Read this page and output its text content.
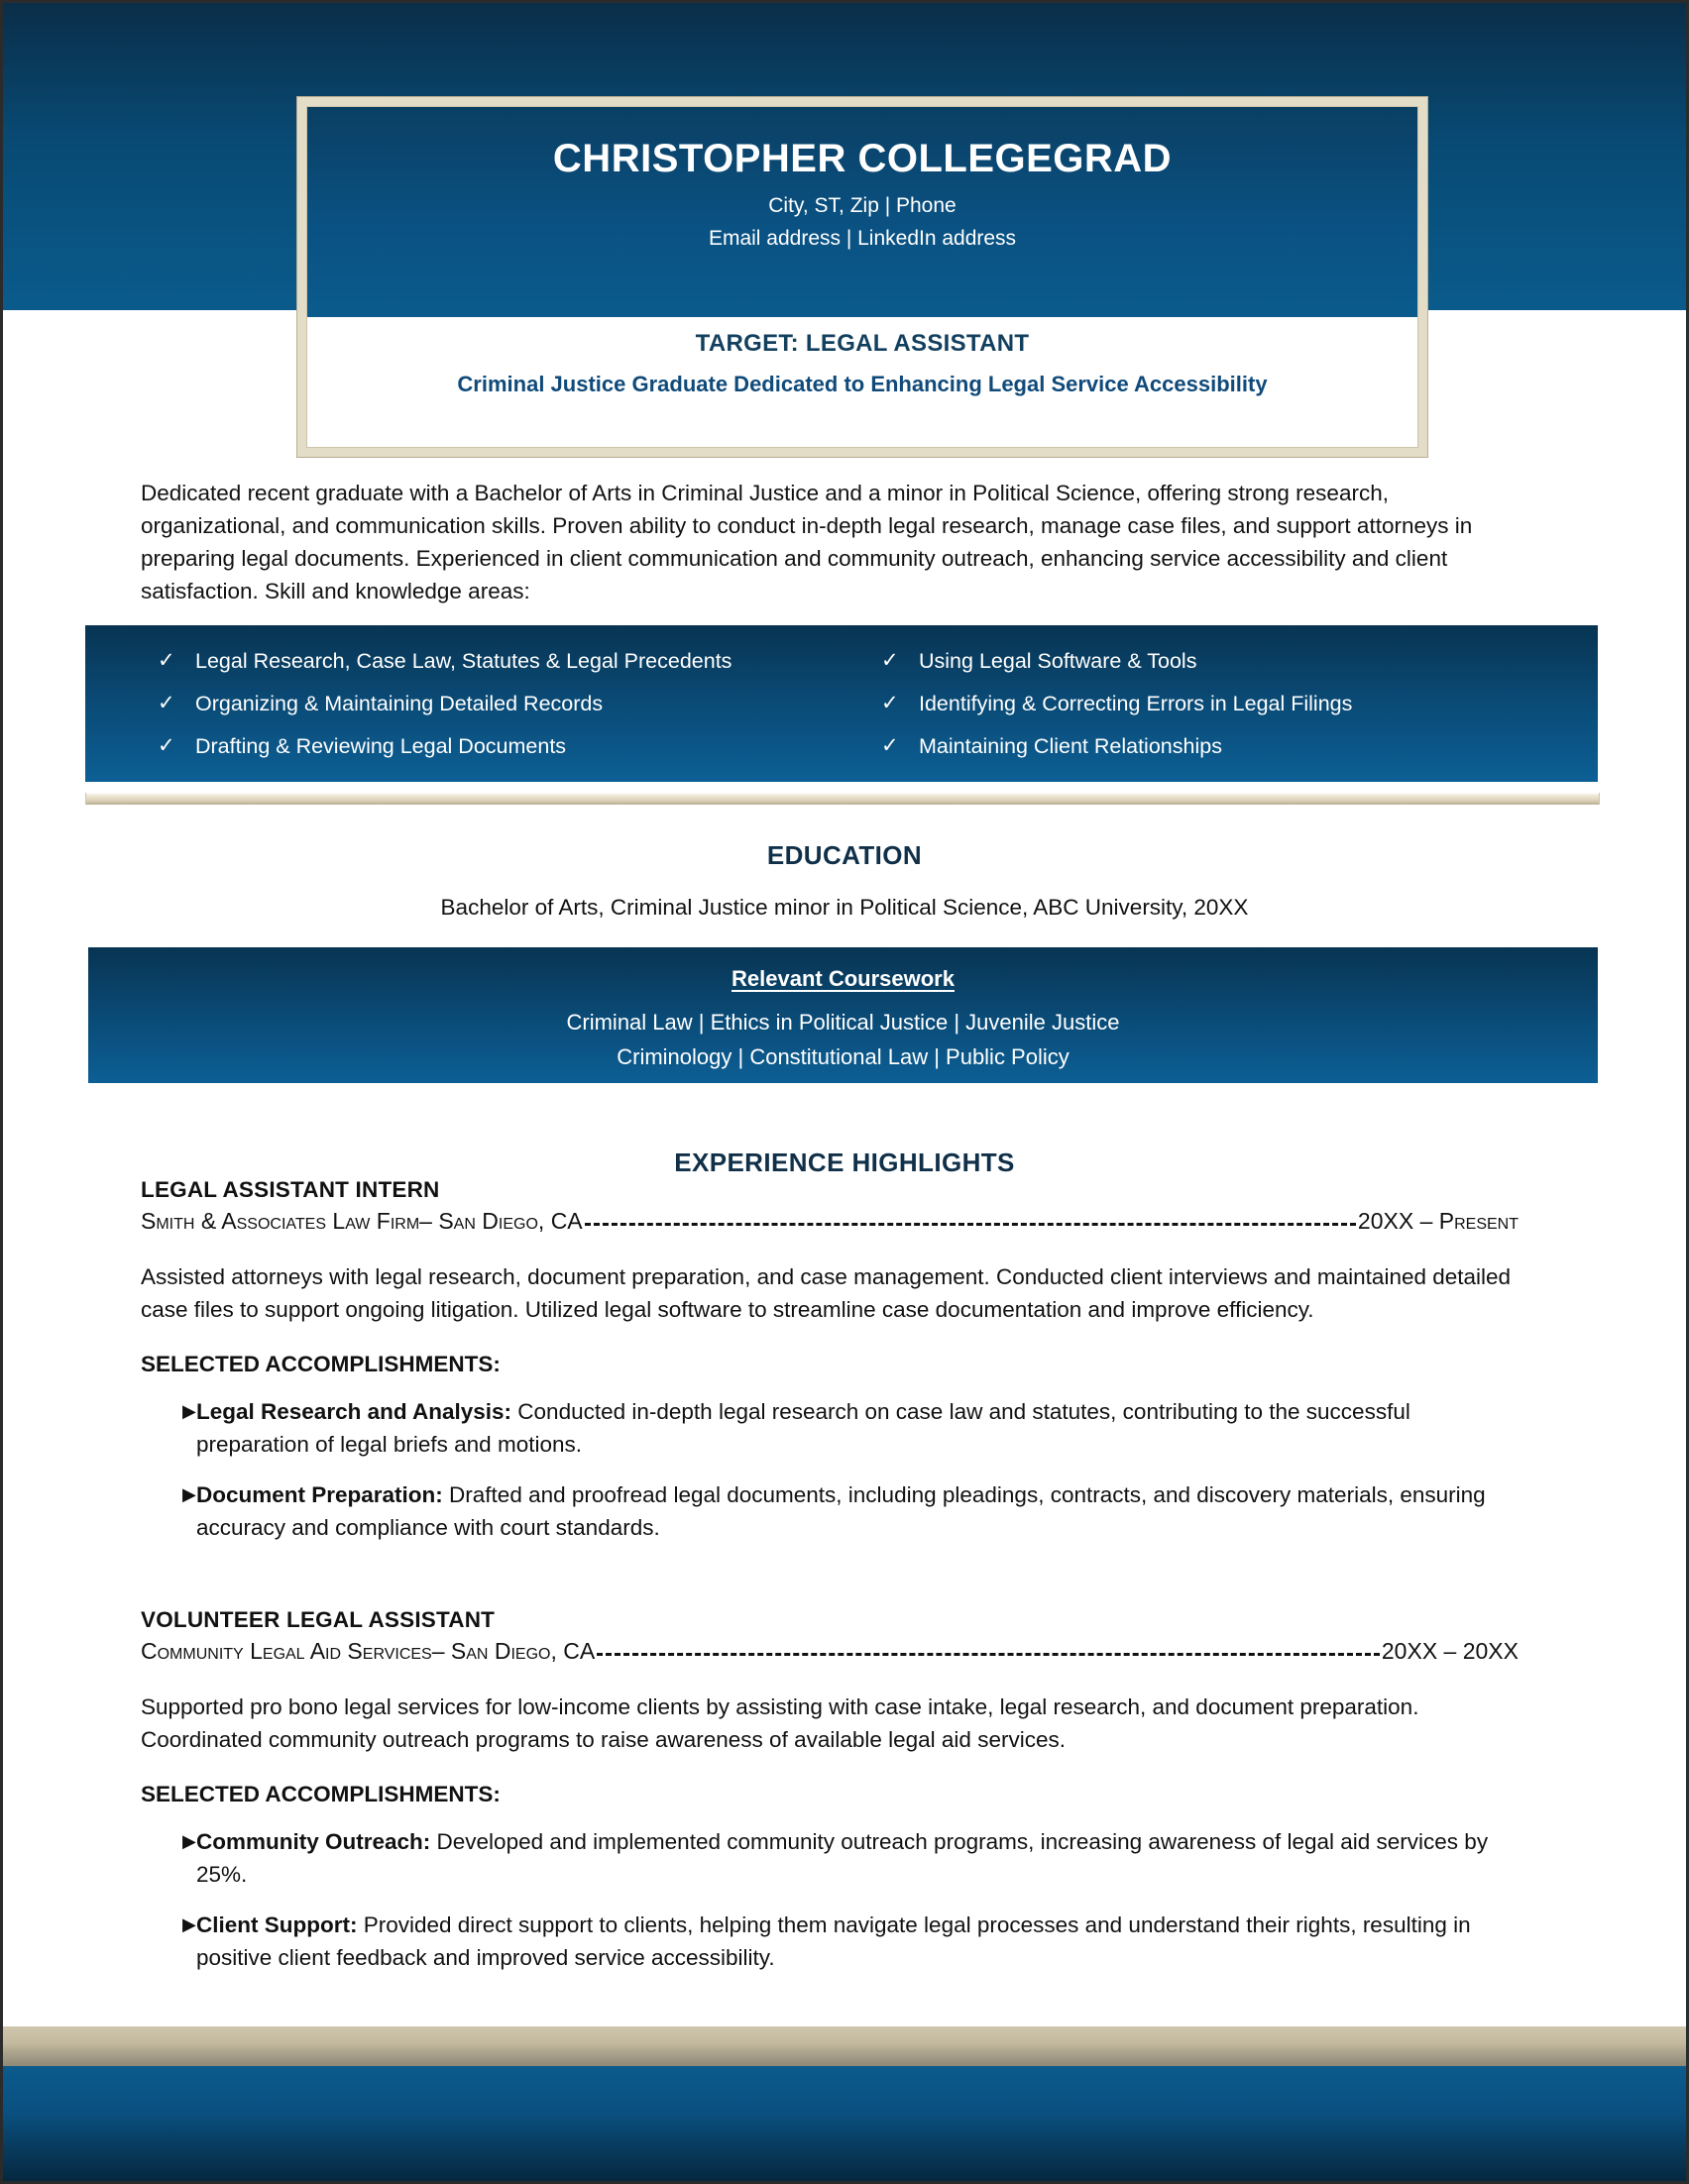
CHRISTOPHER COLLEGEGRAD
City, ST, Zip | Phone
Email address | LinkedIn address
TARGET: LEGAL ASSISTANT
Criminal Justice Graduate Dedicated to Enhancing Legal Service Accessibility
Dedicated recent graduate with a Bachelor of Arts in Criminal Justice and a minor in Political Science, offering strong research, organizational, and communication skills. Proven ability to conduct in-depth legal research, manage case files, and support attorneys in preparing legal documents. Experienced in client communication and community outreach, enhancing service accessibility and client satisfaction. Skill and knowledge areas:
✓ Legal Research, Case Law, Statutes & Legal Precedents
✓ Organizing & Maintaining Detailed Records
✓ Drafting & Reviewing Legal Documents
✓ Using Legal Software & Tools
✓ Identifying & Correcting Errors in Legal Filings
✓ Maintaining Client Relationships
EDUCATION
Bachelor of Arts, Criminal Justice minor in Political Science, ABC University, 20XX
Relevant Coursework
Criminal Law | Ethics in Political Justice | Juvenile Justice
Criminology | Constitutional Law | Public Policy
EXPERIENCE HIGHLIGHTS
LEGAL ASSISTANT INTERN
Smith & Associates Law Firm– San Diego, CA	20XX – Present
Assisted attorneys with legal research, document preparation, and case management. Conducted client interviews and maintained detailed case files to support ongoing litigation. Utilized legal software to streamline case documentation and improve efficiency.
SELECTED ACCOMPLISHMENTS:
▶ Legal Research and Analysis: Conducted in-depth legal research on case law and statutes, contributing to the successful preparation of legal briefs and motions.
▶ Document Preparation: Drafted and proofread legal documents, including pleadings, contracts, and discovery materials, ensuring accuracy and compliance with court standards.
VOLUNTEER LEGAL ASSISTANT
Community Legal Aid Services– San Diego, CA	20XX – 20XX
Supported pro bono legal services for low-income clients by assisting with case intake, legal research, and document preparation. Coordinated community outreach programs to raise awareness of available legal aid services.
SELECTED ACCOMPLISHMENTS:
▶ Community Outreach: Developed and implemented community outreach programs, increasing awareness of legal aid services by 25%.
▶ Client Support: Provided direct support to clients, helping them navigate legal processes and understand their rights, resulting in positive client feedback and improved service accessibility.
